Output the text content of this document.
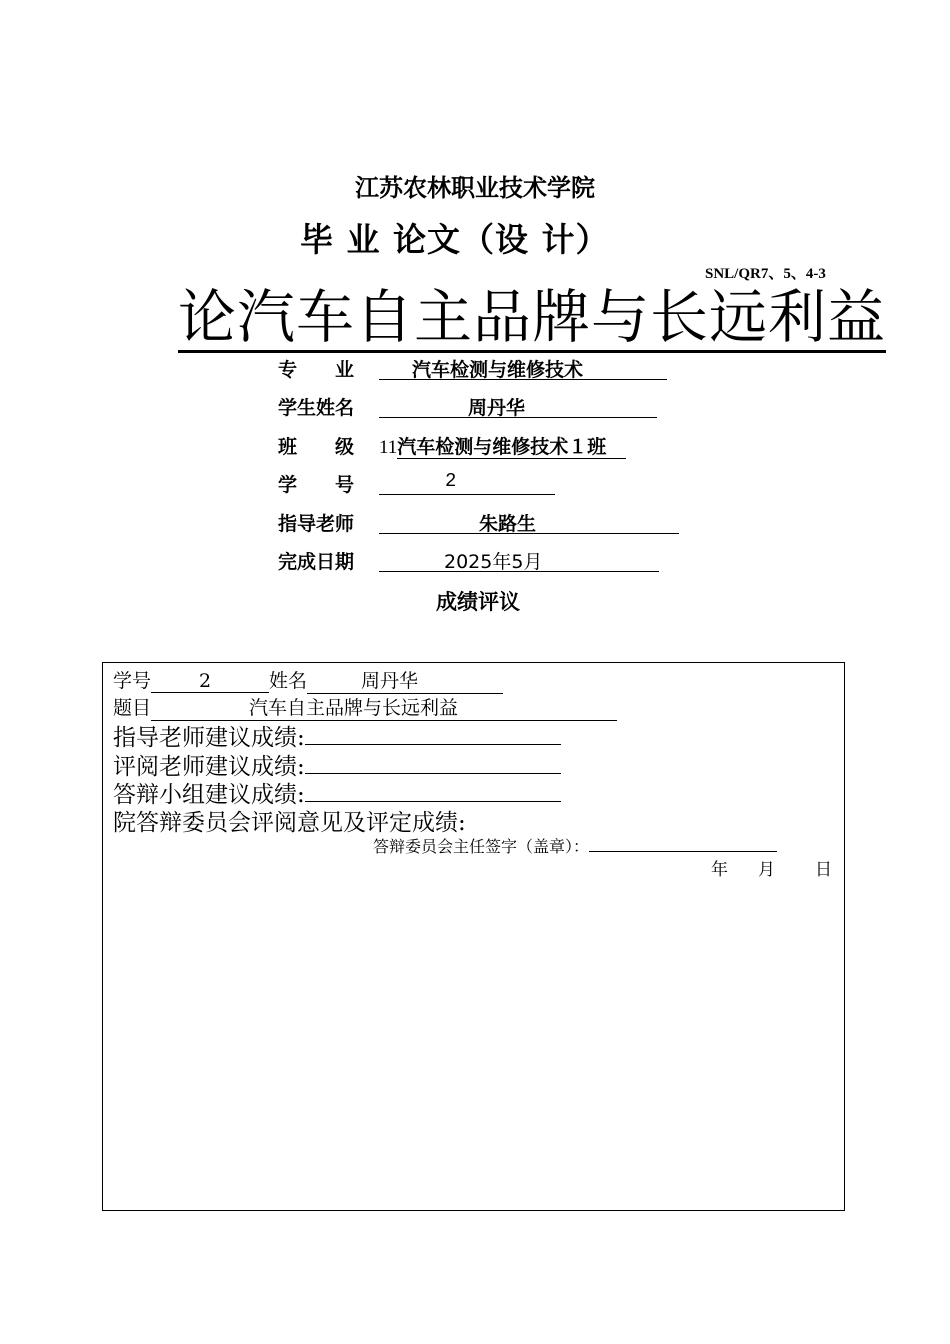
江苏农林职业技术学院
毕 业 论文（设 计）
SNL/QR7、5、4-3
论汽车自主品牌与长远利益
专　　业	汽车检测与维修技术
学生姓名	周丹华
班　　级 11汽车检测与维修技术１班
学　　号	2
指导老师	朱路生
完成日期	2025年5月
成绩评议
学号	2	姓名	周丹华
题目	汽车自主品牌与长远利益
指导老师建议成绩:
评阅老师建议成绩:
答辩小组建议成绩:
院答辩委员会评阅意见及评定成绩:
答辩委员会主任签字（盖章）：
年 月 日
